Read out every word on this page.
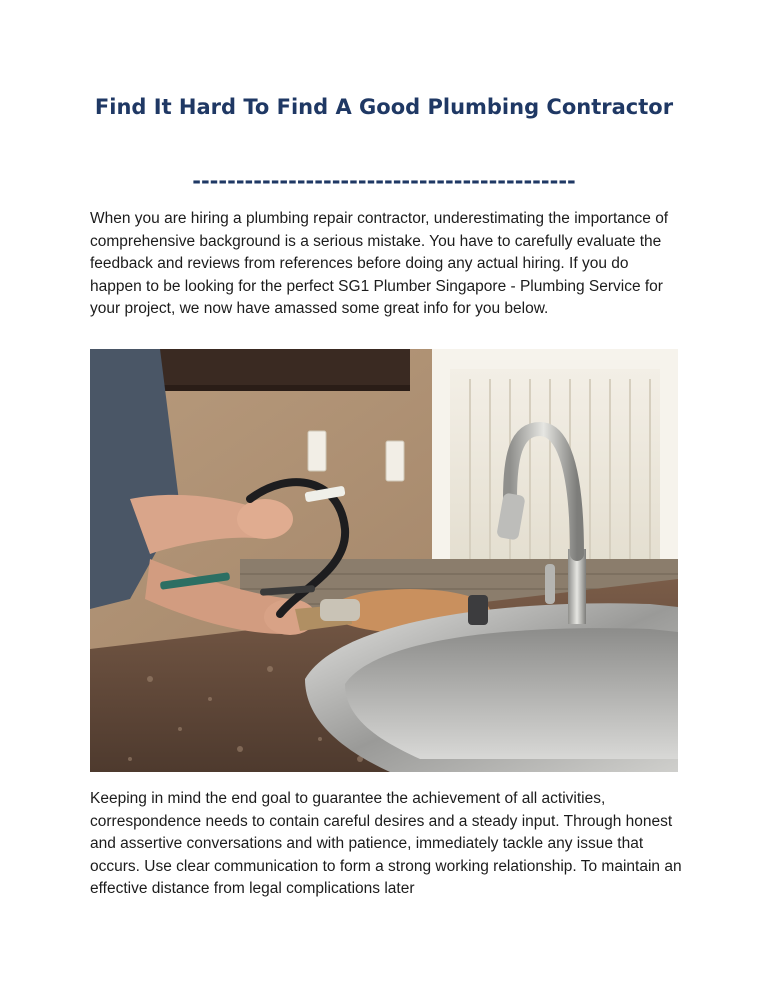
Find It Hard To Find A Good Plumbing Contractor
--------------------------------------------

When you are hiring a plumbing repair contractor, underestimating the importance of comprehensive background is a serious mistake. You have to carefully evaluate the feedback and reviews from references before doing any actual hiring. If you do happen to be looking for the perfect SG1 Plumber Singapore - Plumbing Service for your project, we now have amassed some great info for you below.

Keeping in mind the end goal to guarantee the achievement of all activities, correspondence needs to contain careful desires and a steady input. Through honest and assertive conversations and with patience, immediately tackle any issue that occurs. Use clear communication to form a strong working relationship. To maintain an effective distance from legal complications later
